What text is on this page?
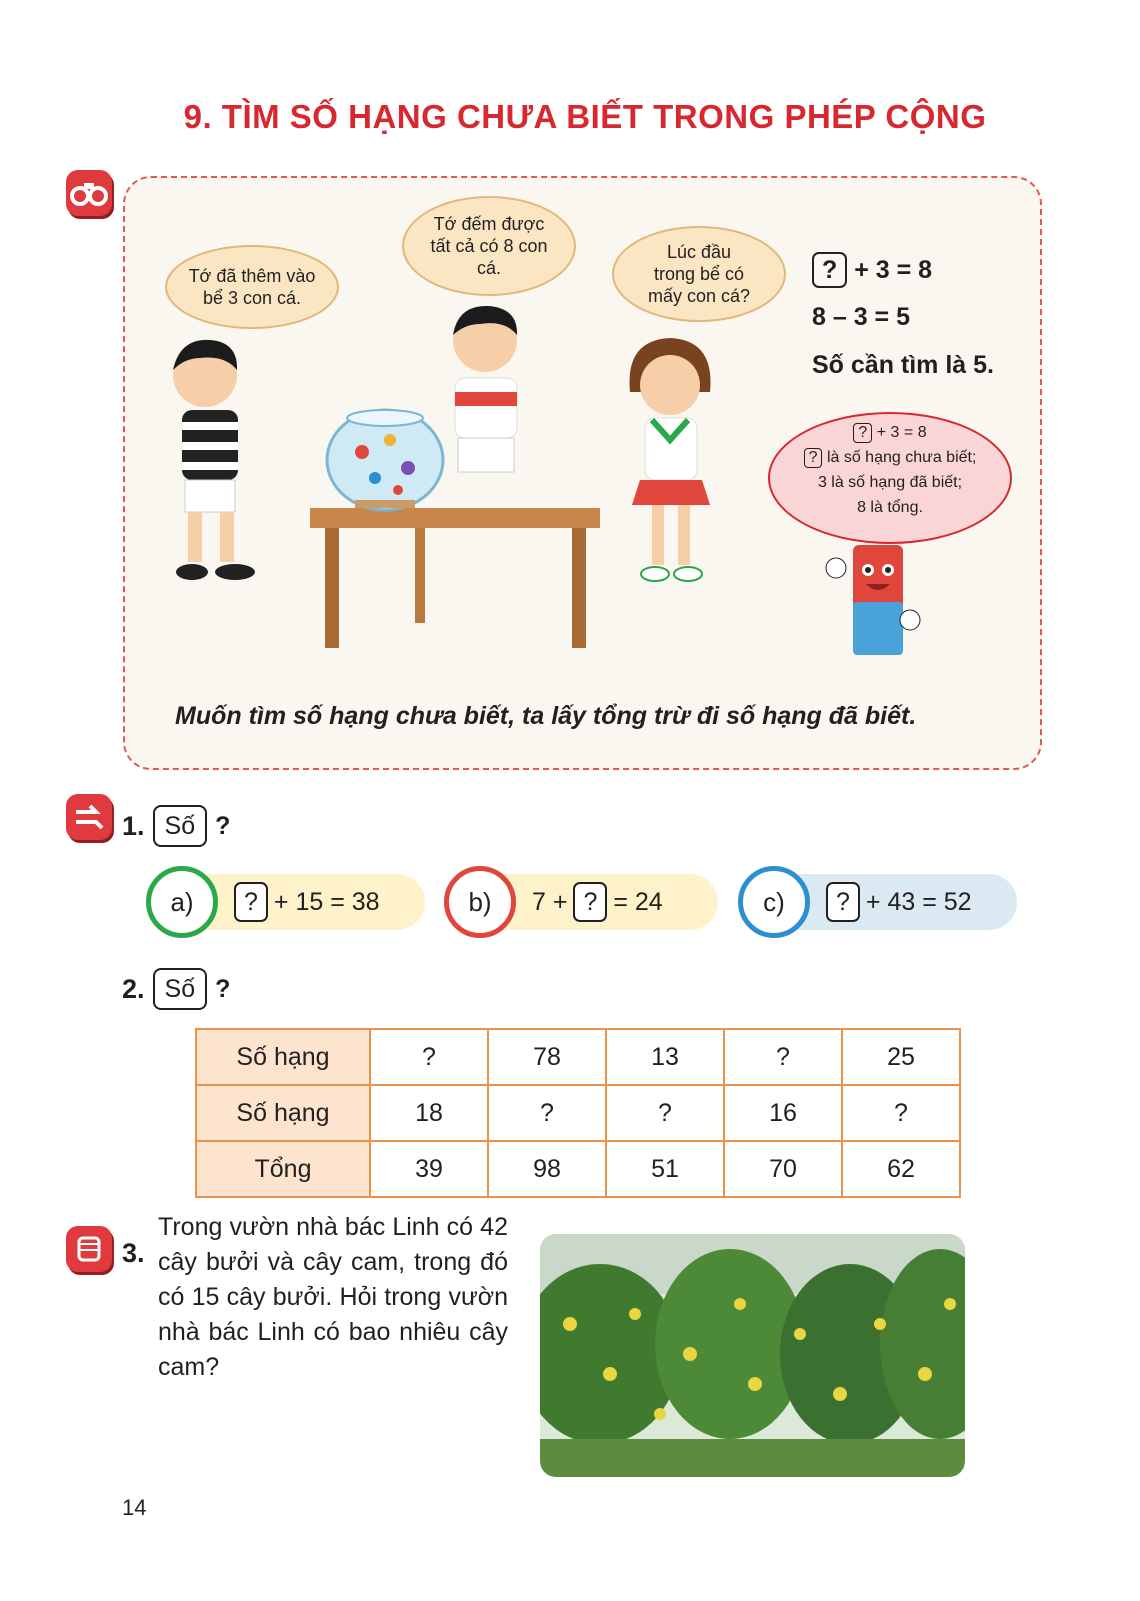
9. TÌM SỐ HẠNG CHƯA BIẾT TRONG PHÉP CỘNG
Tớ đã thêm vào bể 3 con cá.
Tớ đếm được tất cả có 8 con cá.
Lúc đầu trong bể có mấy con cá?
? + 3 = 8
8 – 3 = 5
Số cần tìm là 5.
? + 3 = 8
? là số hạng chưa biết;
3 là số hạng đã biết;
8 là tổng.
Muốn tìm số hạng chưa biết, ta lấy tổng trừ đi số hạng đã biết.
1. Số ?
a)	? + 15 = 38	b) 7 + ? = 24	c)	? + 43 = 52
2. Số ?
Số hạng	?	78	13	?	25
Số hạng	18	?	?	16	?
Tổng	39	98	51	70	62
3.
Trong vườn nhà bác Linh có 42 cây bưởi và cây cam, trong đó có 15 cây bưởi. Hỏi trong vườn nhà bác Linh có bao nhiêu cây cam?
14
